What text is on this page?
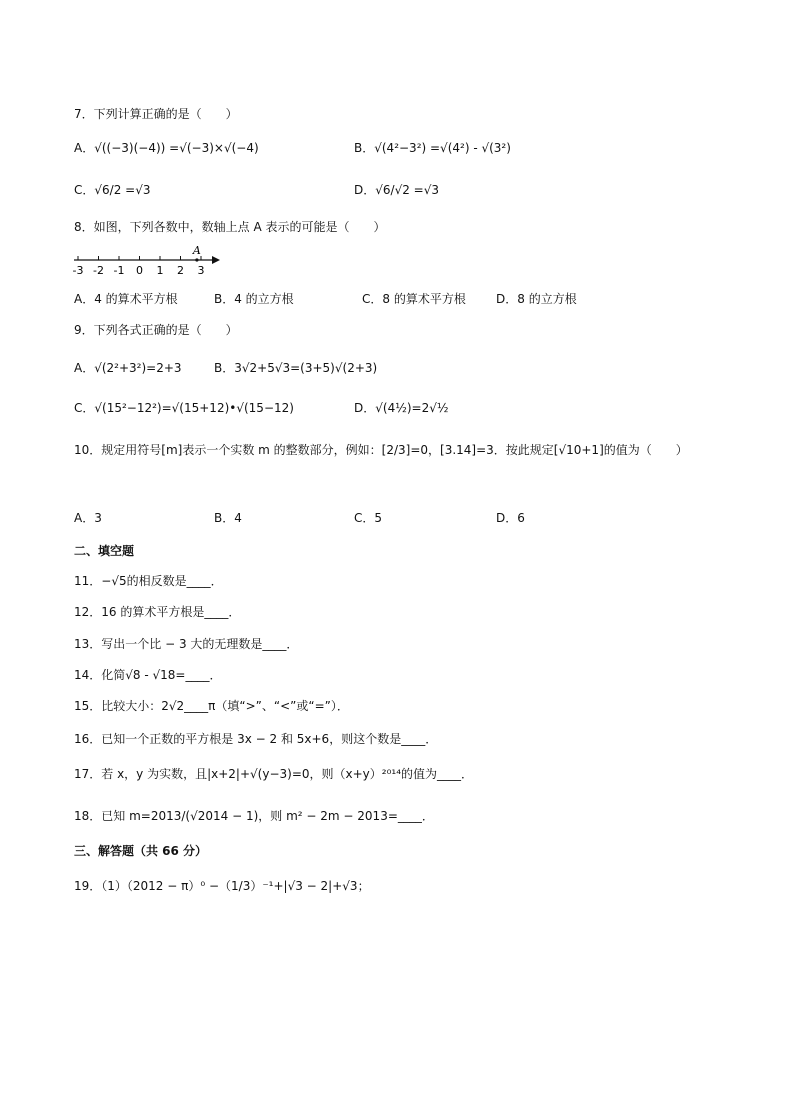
7．下列计算正确的是（　　）
A．√((−3)(−4)) =√(−3)×√(−4)	B．√(4²−3²) =√(4²) - √(3²)
C．√6/2 =√3	D．√6/√2 =√3
8．如图，下列各数中，数轴上点 A 表示的可能是（　　）
-3 -2 -1 0 1 2 3
A
A．4 的算术平方根	B．4 的立方根	C．8 的算术平方根	D．8 的立方根
9．下列各式正确的是（　　）
A．√(2²+3²)=2+3	B．3√2+5√3=(3+5)√(2+3)
C．√(15²−12²)=√(15+12)•√(15−12)	D．√(4½)=2√½
10．规定用符号[m]表示一个实数 m 的整数部分，例如：[2/3]=0，[3.14]=3．按此规定[√10+1]的值为（　　）
A．3	B．4	C．5	D．6
二、填空题
11．−√5的相反数是____．
12．16 的算术平方根是____．
13．写出一个比 − 3 大的无理数是____．
14．化简√8 - √18=____．
15．比较大小：2√2____π（填“>”、“<”或“=”）．
16．已知一个正数的平方根是 3x − 2 和 5x+6，则这个数是____．
17．若 x，y 为实数，且|x+2|+√(y−3)=0，则（x+y）²⁰¹⁴的值为____．
18．已知 m=2013/(√2014 − 1)，则 m² − 2m − 2013=____．
三、解答题（共 66 分）
19．（1）（2012 − π）⁰ −（1/3）⁻¹+|√3 − 2|+√3；
